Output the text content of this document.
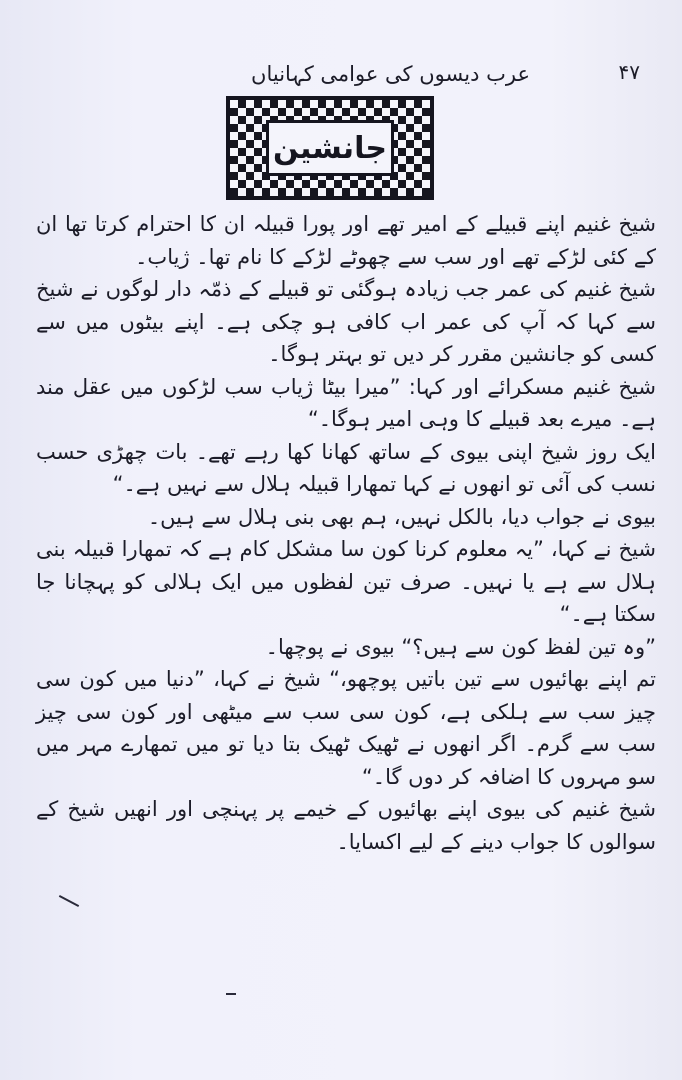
۴۷
عرب دیسوں کی عوامی کہانیاں
جانشین

شیخ غنیم اپنے قبیلے کے امیر تھے اور پورا قبیلہ ان کا احترام کرتا تھا ان کے کئی لڑکے تھے اور سب سے چھوٹے لڑکے کا نام تھا۔ ژیاب۔

شیخ غنیم کی عمر جب زیادہ ہوگئی تو قبیلے کے ذمّہ دار لوگوں نے شیخ سے کہا کہ آپ کی عمر اب کافی ہو چکی ہے۔ اپنے بیٹوں میں سے کسی کو جانشین مقرر کر دیں تو بہتر ہوگا۔

شیخ غنیم مسکرائے اور کہا: ”میرا بیٹا ژیاب سب لڑکوں میں عقل مند ہے۔ میرے بعد قبیلے کا وہی امیر ہوگا۔“

ایک روز شیخ اپنی بیوی کے ساتھ کھانا کھا رہے تھے۔ بات چھڑی حسب نسب کی آئی تو انھوں نے کہا تمھارا قبیلہ ہلال سے نہیں ہے۔“

بیوی نے جواب دیا، بالکل نہیں، ہم بھی بنی ہلال سے ہیں۔

شیخ نے کہا، ”یہ معلوم کرنا کون سا مشکل کام ہے کہ تمھارا قبیلہ بنی ہلال سے ہے یا نہیں۔ صرف تین لفظوں میں ایک ہلالی کو پہچانا جا سکتا ہے۔“

”وہ تین لفظ کون سے ہیں؟“ بیوی نے پوچھا۔

تم اپنے بھائیوں سے تین باتیں پوچھو،“ شیخ نے کہا، ”دنیا میں کون سی چیز سب سے ہلکی ہے، کون سی سب سے میٹھی اور کون سی چیز سب سے گرم۔ اگر انھوں نے ٹھیک ٹھیک بتا دیا تو میں تمھارے مہر میں سو مہروں کا اضافہ کر دوں گا۔“

شیخ غنیم کی بیوی اپنے بھائیوں کے خیمے پر پہنچی اور انھیں شیخ کے سوالوں کا جواب دینے کے لیے اکسایا۔
